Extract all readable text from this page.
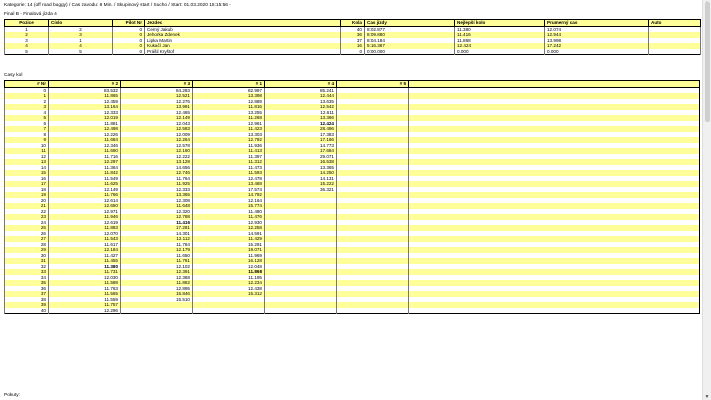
Kategorie: 14 (off road buggy) / Cas zavodu: 8 Min. / Skupinový start / Sucho / Start: 01.03.2020 15:15:56 -
Final B - Finalová jízda 4
Pozice	Císlo	Pilot Nr	Jezdec	Kola	Cas jízdy	Nejlepší kolo	Prumerný cas	Auto
1	2	0	Cerný Jakub	40	8:02.877	11.380	12.074	
2	3	0	Jehorka Zdenek	36	8:09.880	11.416	12.944	
3	1	0	Lipka Martin	37	8:04.184	11.868	13.998	
4	4	0	Kukačí Jan	16	5:16.367	12.424	17.242	
5	5	0	Prášil Kryštof	0	0:00.000	0.000	0.000	
Casy kol
# Nr	# 2	# 3	# 1	# 4	# 5	
0	83.532	84.283	82.997	85.241		
1	11.865	12.521	13.398	12.444		
2	12.459	12.276	12.889	13.635		
3	13.164	13.991	11.816	12.542		
4	12.333	12.465	13.255	12.611		
5	12.019	12.149	11.268	13.366		
6	11.881	12.043	12.961	12.424		
7	12.498	12.583	11.423	28.496		
8	12.226	12.009	13.303	17.383		
9	11.684	12.264	12.792	17.166		
10	12.346	12.578	11.936	14.773		
11	11.660	12.160	11.413	17.684		
12	11.716	12.222	11.397	29.071		
13	12.297	13.128	11.312	16.538		
14	11.364	14.656	11.473	13.365		
15	11.842	12.746	11.593	14.250		
16	11.549	11.764	12.478	14.131		
17	11.625	11.925	13.488	15.222		
18	12.149	12.333	17.574	36.321		
19	11.766	13.365	14.792			
20	12.614	12.308	12.164			
21	12.650	11.648	15.774			
22	12.971	12.320	11.480			
23	11.946	12.788	11.476			
24	12.619	11.416	12.930			
25	11.883	17.281	12.258			
26	12.070	14.301	14.591			
27	11.543	12.112	11.429			
28	11.617	11.784	15.291			
29	12.184	12.179	19.071			
30	11.427	11.650	11.969			
31	11.455	11.761	16.128			
32	11.380	12.102	12.048			
33	11.731	12.391	11.868			
34	12.030	12.368	11.195			
35	11.588	11.862	12.234			
36	11.763	12.895	12.438			
37	11.565	15.846	15.312			
38	11.559	15.510				
39	11.757					
40	12.296					
Pokuty:	▼
